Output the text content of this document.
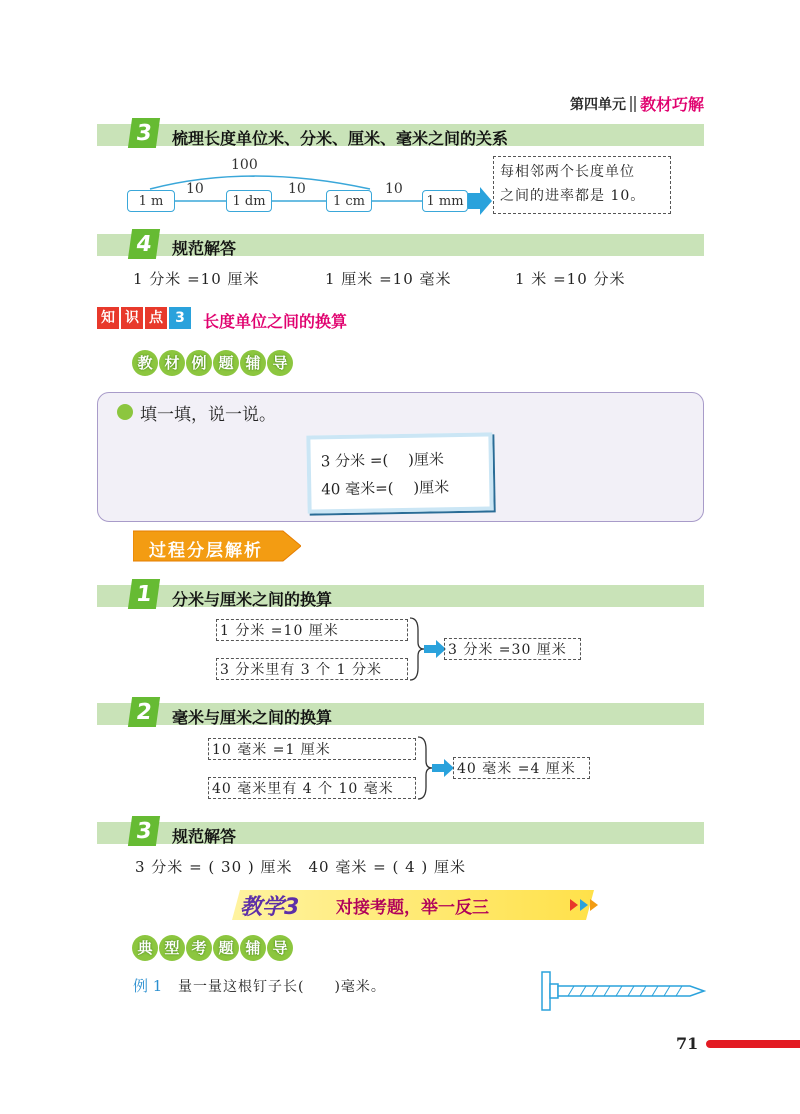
第四单元 教材巧解
3	梳理长度单位米、分米、厘米、毫米之间的关系
100
1 m	1 dm	1 cm	1 mm
10	10	10
每相邻两个长度单位
之间的进率都是 10。
4	规范解答
1 分米 =10 厘米	1 厘米 =10 毫米	1 米 =10 分米
知 识 点 3	长度单位之间的换算
教 材 例 题 辅 导
填一填，说一说。
3 分米 =(　 )厘米
40 毫米=(　 )厘米
过程分层解析
1	分米与厘米之间的换算
1 分米 =10 厘米
3 分米里有 3 个 1 分米
3 分米 =30 厘米
2	毫米与厘米之间的换算
10 毫米 =1 厘米
40 毫米里有 4 个 10 毫米
40 毫米 =4 厘米
3	规范解答
3 分米 = ( 30 ) 厘米　40 毫米 = ( 4 ) 厘米
教学3 对接考题，举一反三
典 型 考 题 辅 导
例 1 量一量这根钉子长(　　)毫米。
71
